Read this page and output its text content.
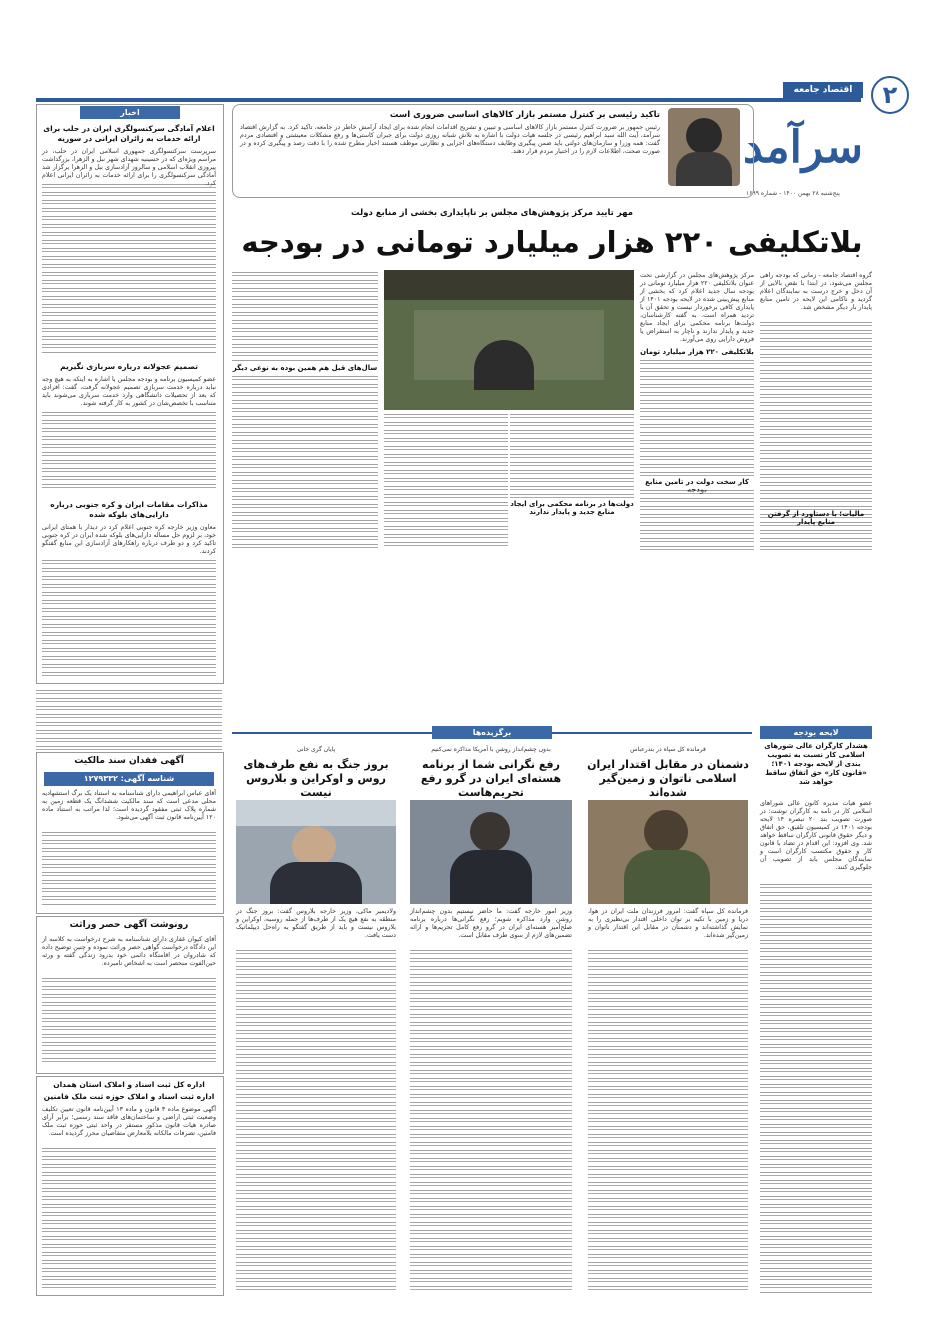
۲
اقتصاد جامعه
سرآمد
پنج‌شنبه ۲۸ بهمن ۱۴۰۰ - شماره ۱۶۹۹
تاکید رئیسی بر کنترل مستمر بازار کالاهای اساسی ضروری است
رئیس جمهور بر ضرورت کنترل مستمر بازار کالاهای اساسی و تبیین و تشریح اقدامات انجام شده برای ایجاد آرامش خاطر در جامعه، تاکید کرد. به گزارش اقتصاد سرآمد، آیت الله سید ابراهیم رئیسی در جلسه هیات دولت با اشاره به تلاش شبانه روزی دولت برای جبران کاستی‌ها و رفع مشکلات معیشتی و اقتصادی مردم گفت: همه وزرا و سازمان‌های دولتی باید ضمن پیگیری وظایف دستگاه‌های اجرایی و نظارتی موظف هستند اخبار مطرح شده را با دقت رصد و پیگیری کرده و در صورت صحت، اطلاعات لازم را در اختیار مردم قرار دهند.
اخبار
اعلام آمادگی سرکنسولگری ایران در حلب برای ارائه خدمات به زائران ایرانی در سوریه
سرپرست سرکنسولگری جمهوری اسلامی ایران در حلب، در مراسم ویژه‌ای که در حسینیه شهدای شهر نبل و الزهرا، بزرگداشت پیروزی انقلاب اسلامی و سالروز آزادسازی نبل و الزهرا برگزار شد آمادگی سرکنسولگری را برای ارائه خدمات به زائران ایرانی اعلام
تصمیم عجولانه درباره سربازی نگیریم
عضو کمیسیون برنامه و بودجه مجلس با اشاره به اینکه به هیچ وجه نباید درباره خدمت سربازی تصمیم عجولانه گرفت، گفت: افرادی که بعد از تحصیلات دانشگاهی وارد خدمت سربازی می‌شوند باید متناسب با تخصص‌شان در کشور به کار گرفته شوند.
مذاکرات مقامات ایران و کره جنوبی درباره دارایی‌های بلوکه شده
معاون وزیر خارجه کره جنوبی اعلام کرد در دیدار با همتای ایرانی خود، بر لزوم حل مساله دارایی‌های بلوکه شده ایران در کره جنوبی تاکید کرد و دو طرف درباره راهکارهای آزادسازی این منابع گفتگو کردند.
مهر تایید مرکز پژوهش‌های مجلس بر ناپایداری بخشی از منابع دولت
بلاتکلیفی ۲۲۰ هزار میلیارد تومانی در بودجه
گروه اقتصاد جامعه - زمانی که بودجه راهی مجلس می‌شود، در ابتدا با نقص بالایی از آن دخل و خرج درست به نمایندگان اعلام گردید و ناکامی این لایحه در تامین منابع پایدار بار دیگر مشخص شد.
مالیات؛ با دستاورد از گرفتن منابع پایدار
مرکز پژوهش‌های مجلس در گزارشی تحت عنوان بلاتکلیفی ۲۲۰ هزار میلیارد تومانی در بودجه سال جدید اعلام کرد که بخشی از منابع پیش‌بینی شده در لایحه بودجه ۱۴۰۱ از پایداری کافی برخوردار نیست و تحقق آن با تردید همراه است. به گفته کارشناسان، دولت‌ها برنامه محکمی برای ایجاد منابع جدید و پایدار ندارند و ناچار به استقراض یا فروش دارایی روی می‌آورند.
بلاتکلیفی ۲۲۰ هزار میلیارد تومان
کار سخت دولت در تامین منابع
دولت‌ها در برنامه محکمی برای ایجاد منابع جدید و پایدار ندارند
سال‌های قبل هم همین بوده به نوعی دیگر
لایحه بودجه
هشدار کارگران عالی شورهای اسلامی کار نسبت به تصویب بندی از لایحه بودجه ۱۴۰۱؛ «قانون کار» حق اتفاق ساقط خواهد شد
عضو هیات مدیره کانون عالی شوراهای اسلامی کار در نامه به کارگران نوشت: در صورت تصویب بند ۲۰ تبصره ۱۴ لایحه بودجه ۱۴۰۱ در کمیسیون تلفیق، حق اتفاق و دیگر حقوق قانونی کارگران ساقط خواهد شد. وی افزود: این اقدام در تضاد با قانون کار و حقوق مکتسب کارگران است و نمایندگان مجلس باید از تصویب آن جلوگیری کنند.
برگزیده‌ها
فرمانده کل سپاه در بندرعباس
دشمنان در مقابل اقتدار ایران اسلامی ناتوان و زمین‌گیر شده‌اند
فرمانده کل سپاه گفت: امروز فرزندان ملت ایران در هوا، دریا و زمین با تکیه بر توان داخلی اقتدار بی‌نظیری را به نمایش گذاشته‌اند و دشمنان در مقابل این اقتدار ناتوان و زمین‌گیر شده‌اند.
بدون چشم‌انداز روشن با آمریکا مذاکره نمی‌کنیم
رفع نگرانی شما از برنامه هسته‌ای ایران در گرو رفع تحریم‌هاست
وزیر امور خارجه گفت: ما حاضر نیستیم بدون چشم‌انداز روشن وارد مذاکره شویم؛ رفع نگرانی‌ها درباره برنامه صلح‌آمیز هسته‌ای ایران در گرو رفع کامل تحریم‌ها و ارائه تضمین‌های لازم از سوی طرف مقابل است.
پایان گری خانی
بروز جنگ به نفع طرف‌های روس و اوکراین و بلاروس نیست
ولادیمیر ماکی، وزیر خارجه بلاروس گفت: بروز جنگ در منطقه به نفع هیچ یک از طرف‌ها از جمله روسیه، اوکراین و بلاروس نیست و باید از طریق گفتگو به راه‌حل دیپلماتیک دست یافت.
آگهی فقدان سند مالکیت
شناسه آگهی: ۱۲۷۹۳۳۲
آقای عباس ابراهیمی دارای شناسنامه به استناد یک برگ استشهادیه محلی مدعی است که سند مالکیت ششدانگ یک قطعه زمین به شماره پلاک ثبتی مفقود گردیده است؛ لذا مراتب به استناد ماده ۱۲۰ آیین‌نامه قانون ثبت آگهی می‌شود.
رونوشت آگهی حصر وراثت
آقای کیوان غفاری دارای شناسنامه به شرح درخواست به کلاسه از این دادگاه درخواست گواهی حصر وراثت نموده و چنین توضیح داده که شادروان در اقامتگاه دائمی خود بدرود زندگی گفته و ورثه حین‌الفوت منحصر است به اشخاص نامبرده.
اداره کل ثبت اسناد و املاک استان همدان
اداره ثبت اسناد و املاک حوزه ثبت ملک فامنین
آگهی موضوع ماده ۳ قانون و ماده ۱۳ آیین‌نامه قانون تعیین تکلیف وضعیت ثبتی اراضی و ساختمان‌های فاقد سند رسمی؛ برابر آرای صادره هیات قانون مذکور مستقر در واحد ثبتی حوزه ثبت ملک فامنین، تصرفات مالکانه بلامعارض متقاضیان محرز گردیده است.
